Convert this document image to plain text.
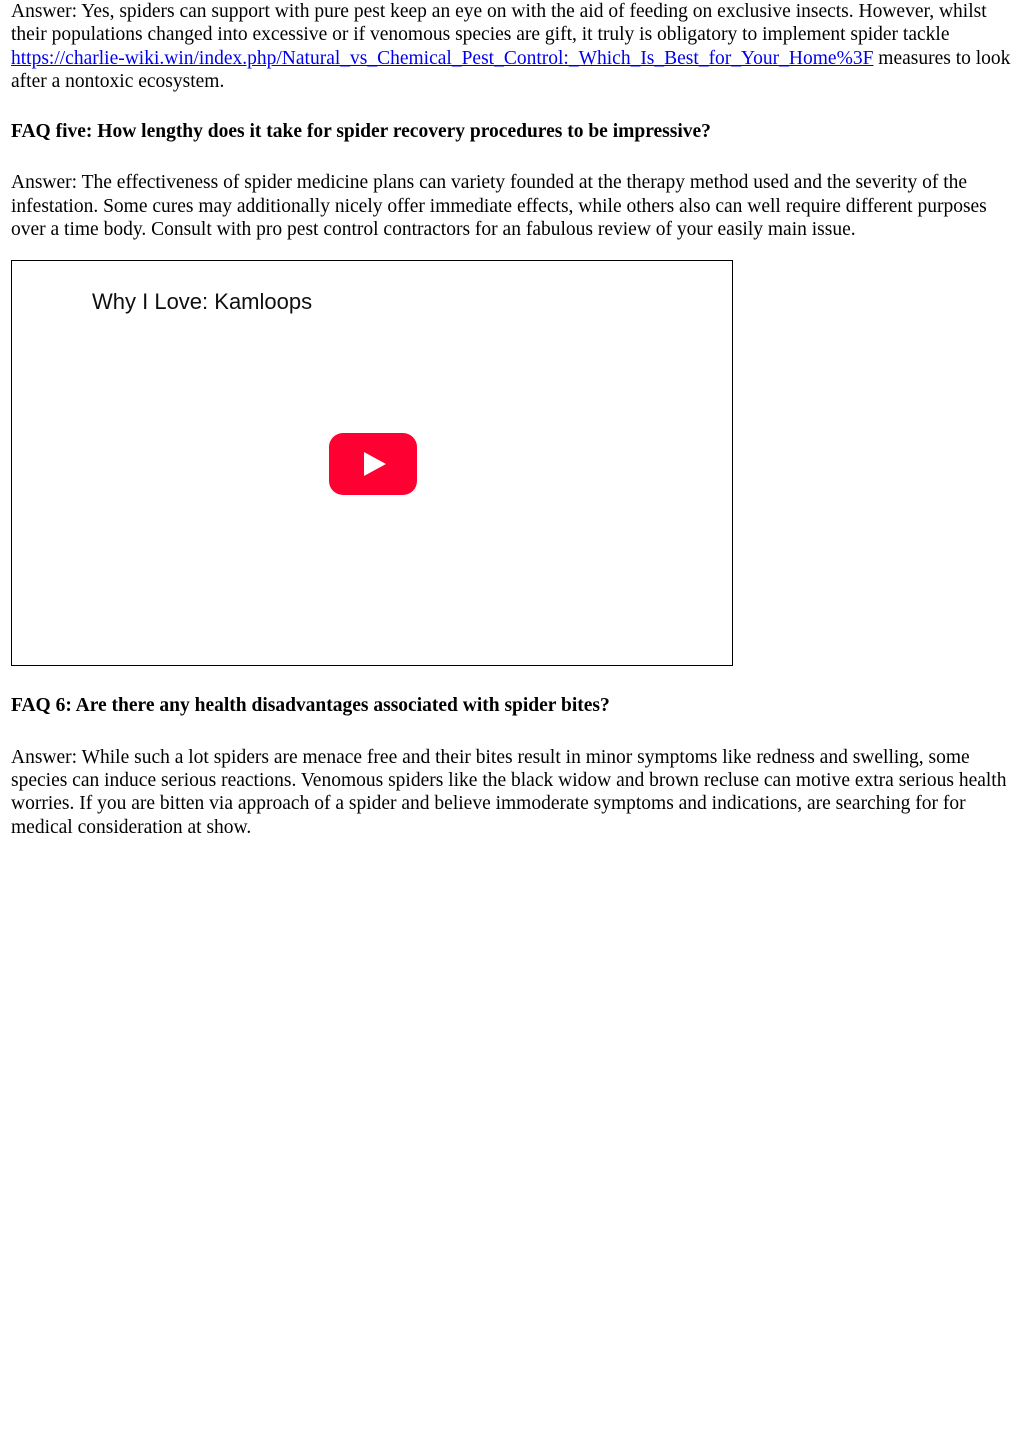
Answer: Yes, spiders can support with pure pest keep an eye on with the aid of feeding on exclusive insects. However, whilst their populations changed into excessive or if venomous species are gift, it truly is obligatory to implement spider tackle https://charlie-wiki.win/index.php/Natural_vs_Chemical_Pest_Control:_Which_Is_Best_for_Your_Home%3F measures to look after a nontoxic ecosystem.

FAQ five: How lengthy does it take for spider recovery procedures to be impressive?

Answer: The effectiveness of spider medicine plans can variety founded at the therapy method used and the severity of the infestation. Some cures may additionally nicely offer immediate effects, while others also can well require different purposes over a time body. Consult with pro pest control contractors for an fabulous review of your easily main issue.

Why I Love: Kamloops
FAQ 6: Are there any health disadvantages associated with spider bites?

Answer: While such a lot spiders are menace free and their bites result in minor symptoms like redness and swelling, some species can induce serious reactions. Venomous spiders like the black widow and brown recluse can motive extra serious health worries. If you are bitten via approach of a spider and believe immoderate symptoms and indications, are searching for for medical consideration at show.
